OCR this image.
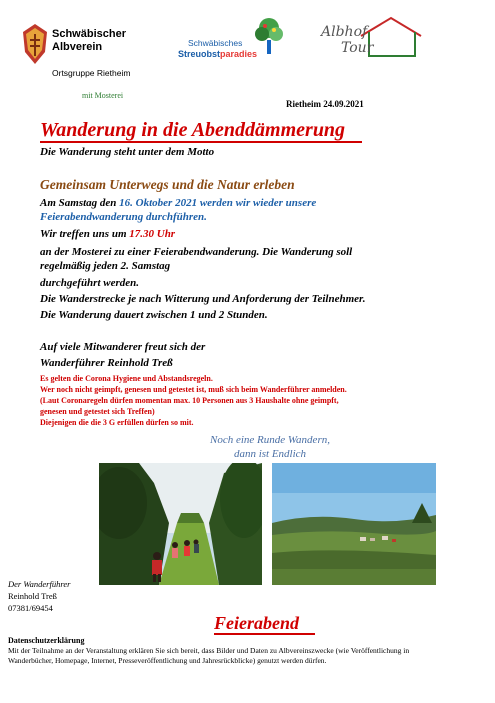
Schwäbischer
Albverein
Ortsgruppe Rietheim
mit Mosterei
Schwäbisches
Streuobstparadies
Albhof
Tour
Rietheim 24.09.2021
Wanderung in die Abenddämmerung
Die Wanderung steht unter dem Motto
Gemeinsam Unterwegs und die Natur erleben
Am Samstag den 16. Oktober 2021 werden wir wieder unsere
Feierabendwanderung durchführen.
Wir treffen uns um 17.30 Uhr
an der Mosterei zu einer Feierabendwanderung. Die Wanderung soll
regelmäßig jeden 2. Samstag
durchgeführt werden.
Die Wanderstrecke je nach Witterung und Anforderung der Teilnehmer.
Die Wanderung dauert zwischen 1 und 2 Stunden.
Auf viele Mitwanderer freut sich der
Wanderführer Reinhold Treß
Es gelten die Corona Hygiene und Abstandsregeln.
Wer noch nicht geimpft, genesen und getestet ist, muß sich beim Wanderführer anmelden.
(Laut Coronaregeln dürfen momentan max. 10 Personen aus 3 Haushalte ohne geimpft,
genesen und getestet sich Treffen)
Diejenigen die die 3 G erfüllen dürfen so mit.
Noch eine Runde Wandern,
dann ist Endlich
Der Wanderführer
Reinhold Treß
07381/69454
Feierabend
Datenschutzerklärung
Mit der Teilnahme an der Veranstaltung erklären Sie sich bereit, dass Bilder und Daten zu Albvereinszwecke (wie Veröffentlichung in Wanderbücher, Homepage, Internet, Presseveröffentlichung und Jahresrückblicke) genutzt werden dürfen.
